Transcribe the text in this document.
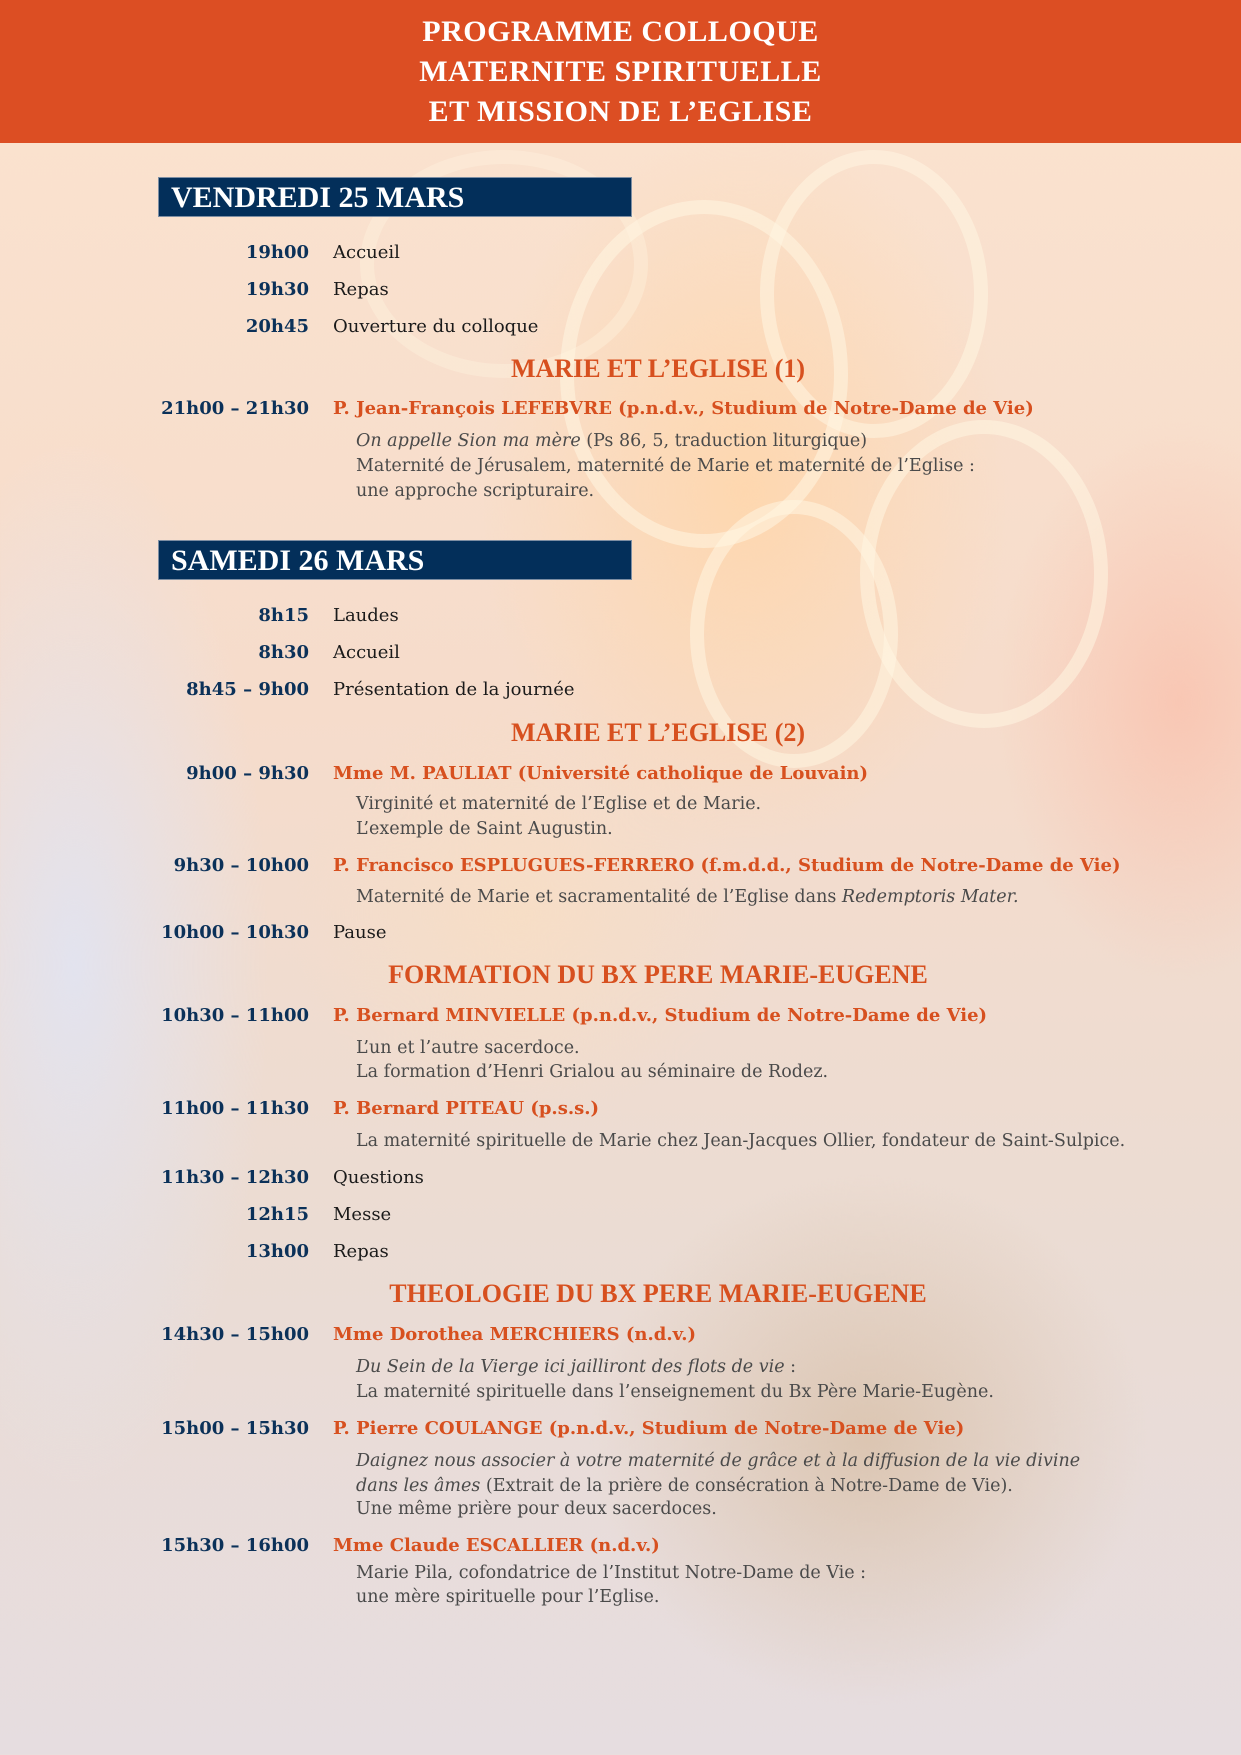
PROGRAMME COLLOQUE
MATERNITE SPIRITUELLE
ET MISSION DE L’EGLISE
VENDREDI 25 MARS
19h00 Accueil
19h30 Repas
20h45 Ouverture du colloque
MARIE ET L’EGLISE (1)
21h00 – 21h30 P. Jean-François LEFEBVRE (p.n.d.v., Studium de Notre-Dame de Vie)
On appelle Sion ma mère (Ps 86, 5, traduction liturgique)
Maternité de Jérusalem, maternité de Marie et maternité de l’Eglise :
une approche scripturaire.
SAMEDI 26 MARS
8h15 Laudes
8h30 Accueil
8h45 – 9h00 Présentation de la journée
MARIE ET L’EGLISE (2)
9h00 – 9h30 Mme M. PAULIAT (Université catholique de Louvain)
Virginité et maternité de l’Eglise et de Marie.
L’exemple de Saint Augustin.
9h30 – 10h00 P. Francisco ESPLUGUES-FERRERO (f.m.d.d., Studium de Notre-Dame de Vie)
Maternité de Marie et sacramentalité de l’Eglise dans Redemptoris Mater.
10h00 – 10h30 Pause
FORMATION DU BX PERE MARIE-EUGENE
10h30 – 11h00 P. Bernard MINVIELLE (p.n.d.v., Studium de Notre-Dame de Vie)
L’un et l’autre sacerdoce.
La formation d’Henri Grialou au séminaire de Rodez.
11h00 – 11h30 P. Bernard PITEAU (p.s.s.)
La maternité spirituelle de Marie chez Jean-Jacques Ollier, fondateur de Saint-Sulpice.
11h30 – 12h30 Questions
12h15 Messe
13h00 Repas
THEOLOGIE DU BX PERE MARIE-EUGENE
14h30 – 15h00 Mme Dorothea MERCHIERS (n.d.v.)
Du Sein de la Vierge ici jailliront des flots de vie :
La maternité spirituelle dans l’enseignement du Bx Père Marie-Eugène.
15h00 – 15h30 P. Pierre COULANGE (p.n.d.v., Studium de Notre-Dame de Vie)
Daignez nous associer à votre maternité de grâce et à la diffusion de la vie divine
dans les âmes (Extrait de la prière de consécration à Notre-Dame de Vie).
Une même prière pour deux sacerdoces.
15h30 – 16h00 Mme Claude ESCALLIER (n.d.v.)
Marie Pila, cofondatrice de l’Institut Notre-Dame de Vie :
une mère spirituelle pour l’Eglise.
